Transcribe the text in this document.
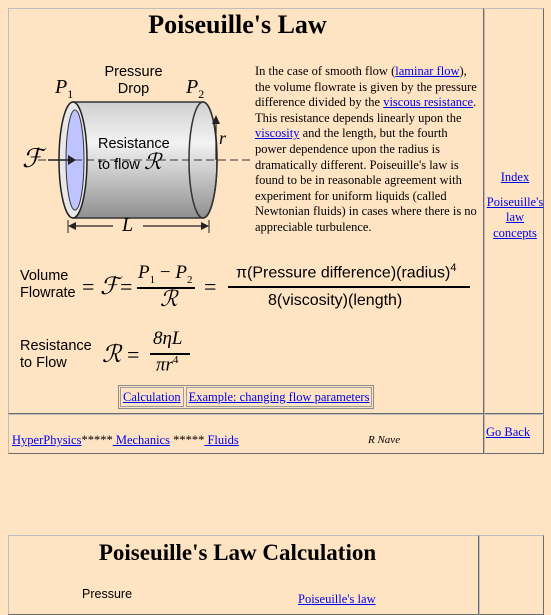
Poiseuille's Law
$P_1$	$P_2$
Pressure
Drop
ℱ	Resistance
to flow ℛ
r
L
In the case of smooth flow (laminar flow), the volume flowrate is given by the pressure difference divided by the viscous resistance. This resistance depends linearly upon the viscosity and the length, but the fourth power dependence upon the radius is dramatically different. Poiseuille's law is found to be in reasonable agreement with experiment for uniform liquids (called Newtonian fluids) in cases where there is no appreciable turbulence.
Volume
Flowrate = ℱ =
$P_1 - P_2$
ℛ =
π(Pressure difference)(radius)$^4$
8(viscosity)(length)
Resistance
to Flow	ℛ =
8ηL
$\pi r^4$
Calculation Example: changing flow parameters
Index
Poiseuille's law concepts
HyperPhysics***** Mechanics ***** Fluids	R Nave
Go Back
Poiseuille's Law Calculation
Pressure	Poiseuille's law
